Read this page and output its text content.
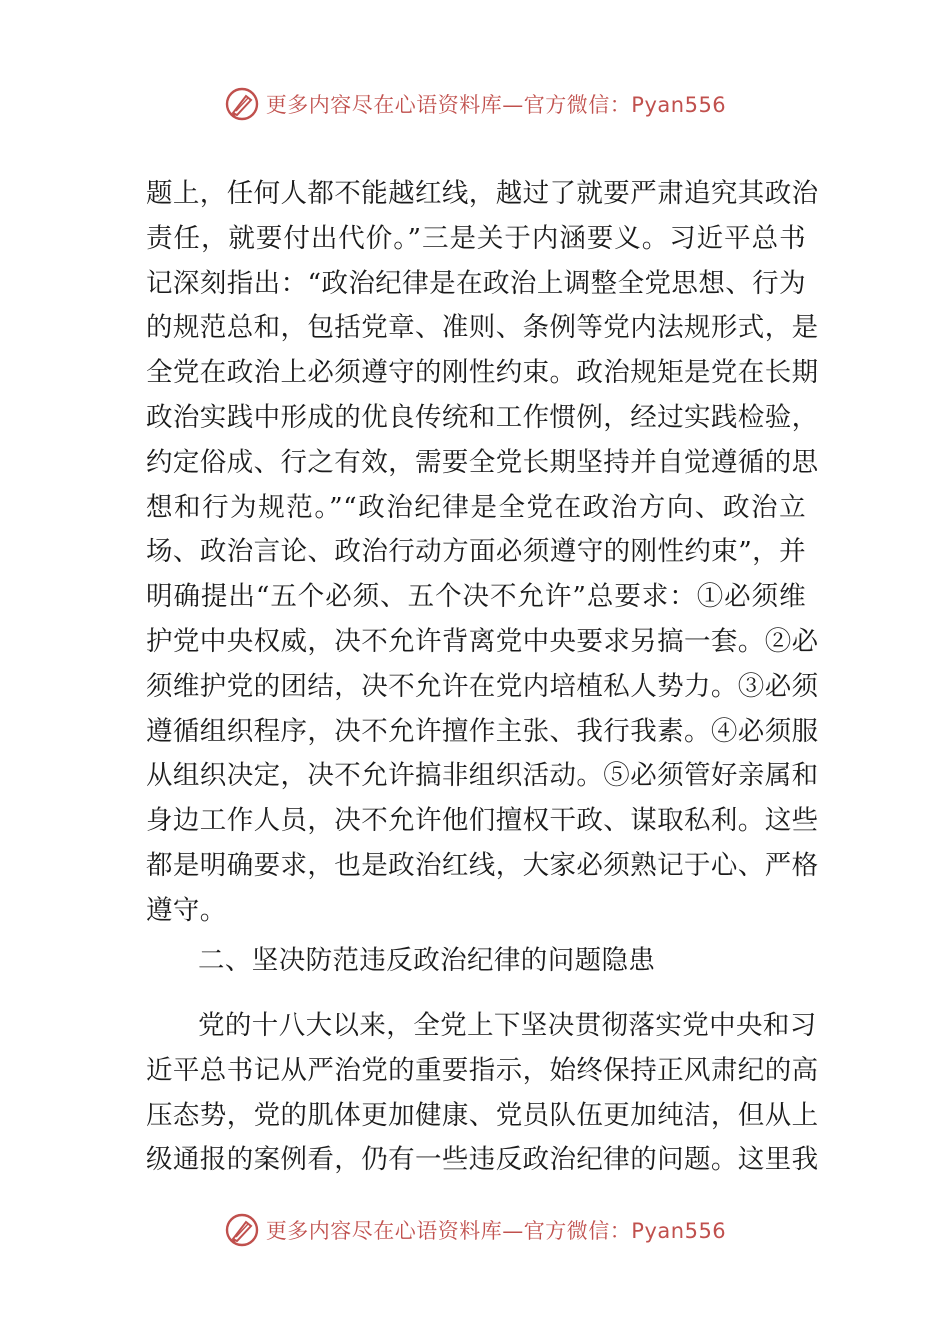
更多内容尽在心语资料库—官方微信：Pyan556
题上，任何人都不能越红线，越过了就要严肃追究其政治
责任，就要付出代价。”三是关于内涵要义。习近平总书
记深刻指出：“政治纪律是在政治上调整全党思想、行为
的规范总和，包括党章、准则、条例等党内法规形式，是
全党在政治上必须遵守的刚性约束。政治规矩是党在长期
政治实践中形成的优良传统和工作惯例，经过实践检验，
约定俗成、行之有效，需要全党长期坚持并自觉遵循的思
想和行为规范。”“政治纪律是全党在政治方向、政治立
场、政治言论、政治行动方面必须遵守的刚性约束”，并
明确提出“五个必须、五个决不允许”总要求：①必须维
护党中央权威，决不允许背离党中央要求另搞一套。②必
须维护党的团结，决不允许在党内培植私人势力。③必须
遵循组织程序，决不允许擅作主张、我行我素。④必须服
从组织决定，决不允许搞非组织活动。⑤必须管好亲属和
身边工作人员，决不允许他们擅权干政、谋取私利。这些
都是明确要求，也是政治红线，大家必须熟记于心、严格
遵守。
二、坚决防范违反政治纪律的问题隐患
党的十八大以来，全党上下坚决贯彻落实党中央和习
近平总书记从严治党的重要指示，始终保持正风肃纪的高
压态势，党的肌体更加健康、党员队伍更加纯洁，但从上
级通报的案例看，仍有一些违反政治纪律的问题。这里我
更多内容尽在心语资料库—官方微信：Pyan556
